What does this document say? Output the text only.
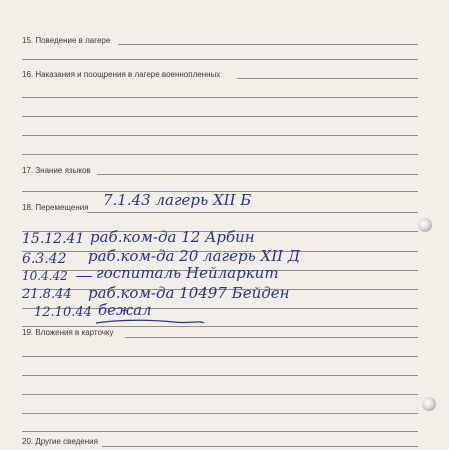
15. Поведение в лагере
16. Наказания и поощрения в лагере военнопленных
17. Знание языков
18. Перемещения 7.1.43 лагерь XII Б
15.12.41 раб.ком-да 12 Арбин
6.3.42 раб.ком-да 20 лагерь XII Д
10.4.42 госпиталь Нейларкит
21.8.44 раб.ком-да 10497 Бейден
12.10.44 бежал
19. Вложения в карточку
20. Другие сведения
